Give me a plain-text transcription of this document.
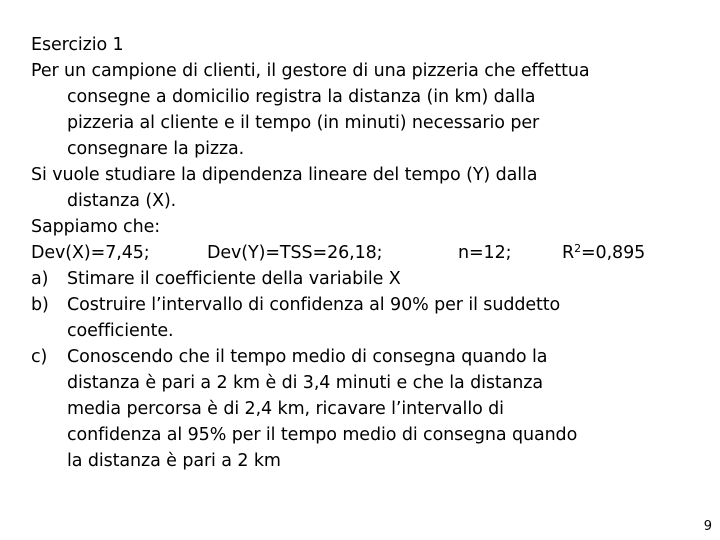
Esercizio 1
Per un campione di clienti, il gestore di una pizzeria che effettua
consegne a domicilio registra la distanza (in km) dalla
pizzeria al cliente e il tempo (in minuti) necessario per
consegnare la pizza.
Si vuole studiare la dipendenza lineare del tempo (Y) dalla
distanza (X).
Sappiamo che:
Dev(X)=7,45;	Dev(Y)=TSS=26,18;	n=12;	$R^2=0,895$
a) Stimare il coefficiente della variabile X
b) Costruire l’intervallo di confidenza al 90% per il suddetto
coefficiente.
c) Conoscendo che il tempo medio di consegna quando la
distanza è pari a 2 km è di 3,4 minuti e che la distanza
media percorsa è di 2,4 km, ricavare l’intervallo di
confidenza al 95% per il tempo medio di consegna quando
la distanza è pari a 2 km
9
